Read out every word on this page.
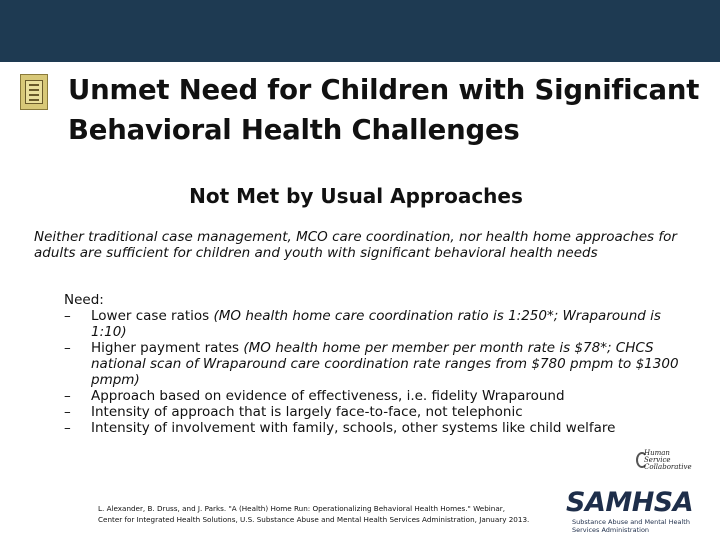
Unmet Need for Children with Significant
Behavioral Health Challenges
Not Met by Usual Approaches
Neither traditional case management, MCO care coordination, nor health home approaches for adults are sufficient for children and youth with significant behavioral health needs
Need:
–	Lower case ratios (MO health home care coordination ratio is 1:250*; Wraparound is 1:10)
–	Higher payment rates (MO health home per member per month rate is $78*; CHCS national scan of Wraparound care coordination rate ranges from $780 pmpm to $1300 pmpm)
–	Approach based on evidence of effectiveness, i.e. fidelity Wraparound
–	Intensity of approach that is largely face-to-face, not telephonic
–	Intensity of involvement with family, schools, other systems like child welfare
Human
Service
Collaborative
L. Alexander, B. Druss, and J. Parks. "A (Health) Home Run: Operationalizing Behavioral Health Homes." Webinar,
Center for Integrated Health Solutions, U.S. Substance Abuse and Mental Health Services Administration, January 2013.
SAMHSA
Substance Abuse and Mental Health
Services Administration
